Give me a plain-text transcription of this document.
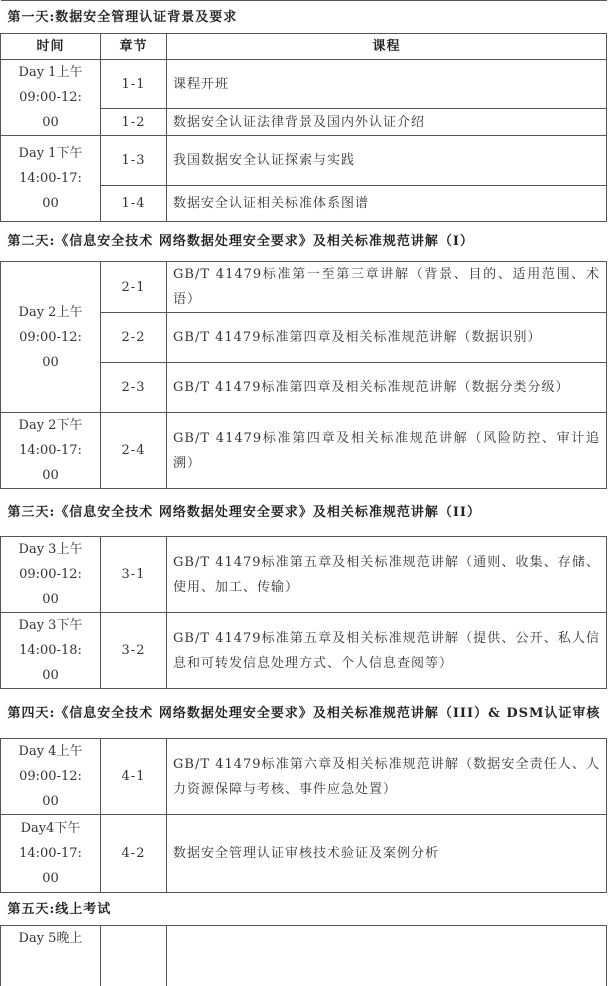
第一天:数据安全管理认证背景及要求		
时间	章节	课程

Day 1上午
09:00-12:
00	1-1	课程开班
	1-2	数据安全认证法律背景及国内外认证介绍

Day 1下午
14:00-17:
00	1-3	我国数据安全认证探索与实践
	1-4	数据安全认证相关标准体系图谱
第二天:《信息安全技术 网络数据处理安全要求》及相关标准规范讲解（I）		

Day 2上午
09:00-12:
00	2-1	GB/T 41479标准第一至第三章讲解（背景、目的、适用范围、术语）
	2-2	GB/T 41479标准第四章及相关标准规范讲解（数据识别）
	2-3	GB/T 41479标准第四章及相关标准规范讲解（数据分类分级）

Day 2下午
14:00-17:
00	2-4	GB/T 41479标准第四章及相关标准规范讲解（风险防控、审计追溯）
第三天:《信息安全技术 网络数据处理安全要求》及相关标准规范讲解（II）		

Day 3上午
09:00-12:
00	3-1	GB/T 41479标准第五章及相关标准规范讲解（通则、收集、存储、使用、加工、传输）

Day 3下午
14:00-18:
00	3-2	GB/T 41479标准第五章及相关标准规范讲解（提供、公开、私人信息和可转发信息处理方式、个人信息查阅等）
第四天:《信息安全技术 网络数据处理安全要求》及相关标准规范讲解（III）& DSM认证审核		

Day 4上午
09:00-12:
00	4-1	GB/T 41479标准第六章及相关标准规范讲解（数据安全责任人、人力资源保障与考核、事件应急处置）

Day4下午
14:00-17:
00	4-2	数据安全管理认证审核技术验证及案例分析
第五天:线上考试		

Day 5晚上		
